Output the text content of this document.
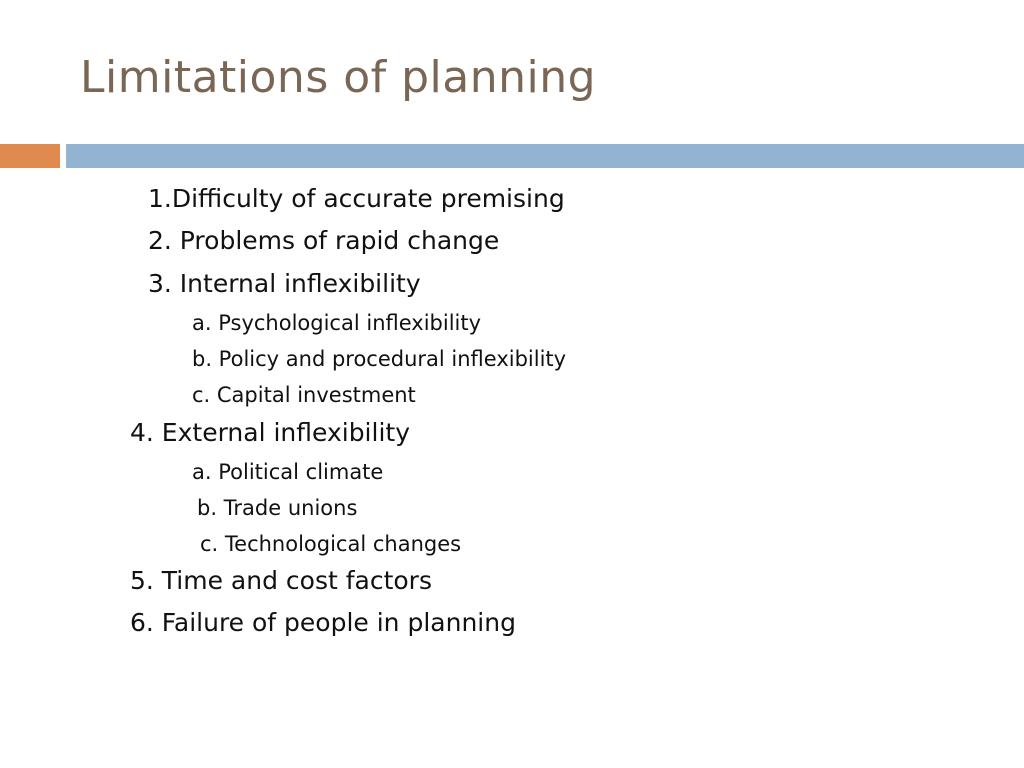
Limitations of planning
1.Difficulty of accurate premising
2. Problems of rapid change
3. Internal inflexibility
a. Psychological inflexibility
b. Policy and procedural inflexibility
c. Capital investment
4. External inflexibility
a. Political climate
b. Trade unions
c. Technological changes
5. Time and cost factors
6. Failure of people in planning
